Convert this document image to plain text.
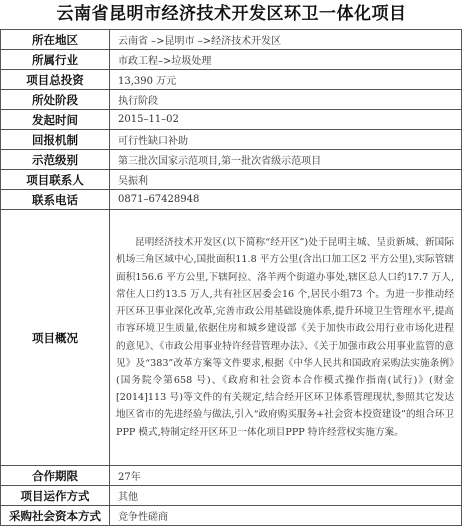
云南省昆明市经济技术开发区环卫一体化项目
所在地区	云南省 –>昆明市 –>经济技术开发区
所属行业	市政工程–>垃圾处理
项目总投资	13,390 万元
所处阶段	执行阶段
发起时间	2015–11–02
回报机制	可行性缺口补助
示范级别	第三批次国家示范项目,第一批次省级示范项目
项目联系人	吴振利
联系电话	0871–67428948
项目概况	昆明经济技术开发区(以下简称“经开区”)处于昆明主城、呈贡新城、新国际机场三角区域中心,国批面积11.8 平方公里(含出口加工区2 平方公里),实际管辖面积156.6 平方公里,下辖阿拉、洛羊两个街道办事处,辖区总人口约17.7 万人,常住人口约13.5 万人,共有社区居委会16 个,居民小组73 个。为进一步推动经开区环卫事业深化改革,完善市政公用基础设施体系,提升环境卫生管理水平,提高市容环境卫生质量,依据住房和城乡建设部《关于加快市政公用行业市场化进程的意见》、《市政公用事业特许经营管理办法》、《关于加强市政公用事业监管的意见》及“383”改革方案等文件要求,根据《中华人民共和国政府采购法实施条例》(国务院令第658 号)、《政府和社会资本合作模式操作指南(试行)》(财金[2014]113 号)等文件的有关规定,结合经开区环卫体系管理现状,参照其它发达地区省市的先进经验与做法,引入“政府购买服务+社会资本投资建设”的组合环卫PPP 模式,特制定经开区环卫一体化项目PPP 特许经营权实施方案。
合作期限	27年
项目运作方式	其他
采购社会资本方式	竞争性磋商
